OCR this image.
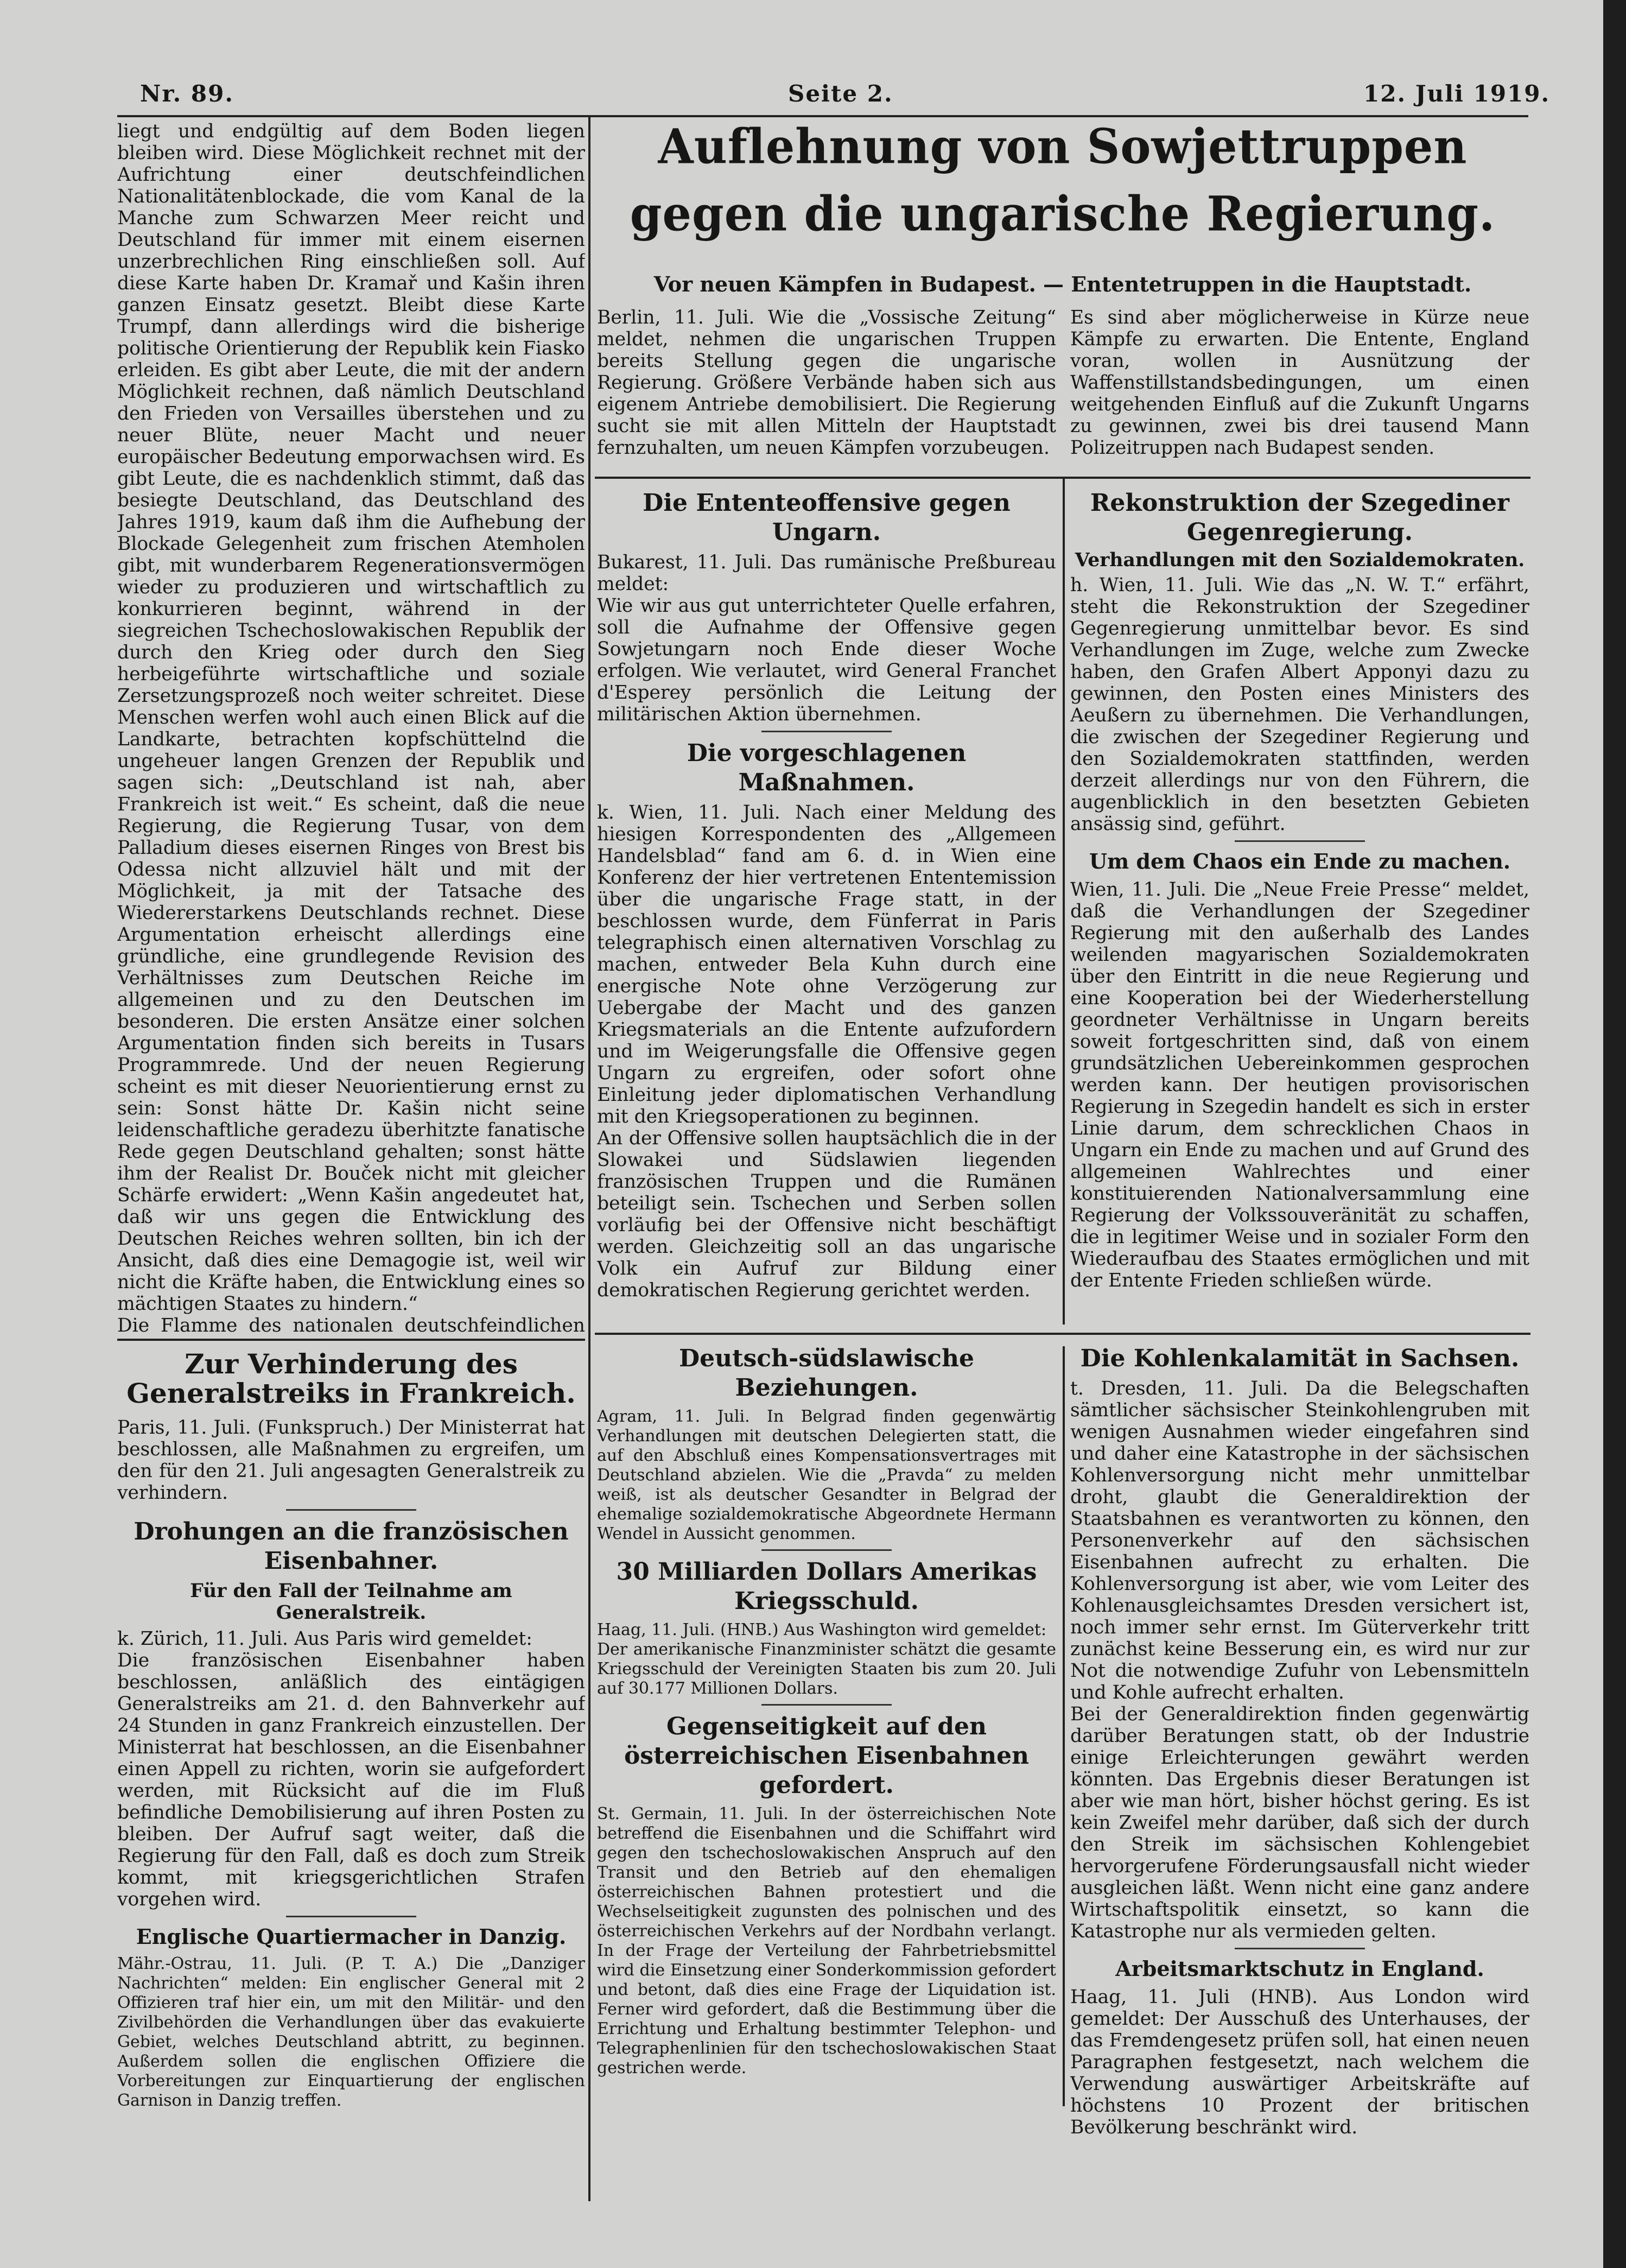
Nr. 89.	Seite 2.	12. Juli 1919.

liegt und endgültig auf dem Boden liegen bleiben wird. Diese Möglichkeit rechnet mit der Aufrichtung einer deutschfeindlichen Nationalitätenblockade, die vom Kanal de la Manche zum Schwarzen Meer reicht und Deutschland für immer mit einem eisernen unzerbrechlichen Ring einschließen soll. Auf diese Karte haben Dr. Kramař und Kašin ihren ganzen Einsatz gesetzt. Bleibt diese Karte Trumpf, dann allerdings wird die bisherige politische Orientierung der Republik kein Fiasko erleiden. Es gibt aber Leute, die mit der andern Möglichkeit rechnen, daß nämlich Deutschland den Frieden von Versailles überstehen und zu neuer Blüte, neuer Macht und neuer europäischer Bedeutung emporwachsen wird. Es gibt Leute, die es nachdenklich stimmt, daß das besiegte Deutschland, das Deutschland des Jahres 1919, kaum daß ihm die Aufhebung der Blockade Gelegenheit zum frischen Atemholen gibt, mit wunderbarem Regenerationsvermögen wieder zu produzieren und wirtschaftlich zu konkurrieren beginnt, während in der siegreichen Tschechoslowakischen Republik der durch den Krieg oder durch den Sieg herbeigeführte wirtschaftliche und soziale Zersetzungsprozeß noch weiter schreitet. Diese Menschen werfen wohl auch einen Blick auf die Landkarte, betrachten kopfschüttelnd die ungeheuer langen Grenzen der Republik und sagen sich: „Deutschland ist nah, aber Frankreich ist weit.“ Es scheint, daß die neue Regierung, die Regierung Tusar, von dem Palladium dieses eisernen Ringes von Brest bis Odessa nicht allzuviel hält und mit der Möglichkeit, ja mit der Tatsache des Wiedererstarkens Deutschlands rechnet. Diese Argumentation erheischt allerdings eine gründliche, eine grundlegende Revision des Verhältnisses zum Deutschen Reiche im allgemeinen und zu den Deutschen im besonderen. Die ersten Ansätze einer solchen Argumentation finden sich bereits in Tusars Programmrede. Und der neuen Regierung scheint es mit dieser Neuorientierung ernst zu sein: Sonst hätte Dr. Kašin nicht seine leidenschaftliche geradezu überhitzte fanatische Rede gegen Deutschland gehalten; sonst hätte ihm der Realist Dr. Bouček nicht mit gleicher Schärfe erwidert: „Wenn Kašin angedeutet hat, daß wir uns gegen die Entwicklung des Deutschen Reiches wehren sollten, bin ich der Ansicht, daß dies eine Demagogie ist, weil wir nicht die Kräfte haben, die Entwicklung eines so mächtigen Staates zu hindern.“
Die Flamme des nationalen deutschfeindlichen

Zur Verhinderung des Generalstreiks in Frankreich.

Paris, 11. Juli. (Funkspruch.) Der Ministerrat hat beschlossen, alle Maßnahmen zu ergreifen, um den für den 21. Juli angesagten Generalstreik zu verhindern.

Drohungen an die französischen Eisenbahner.

Für den Fall der Teilnahme am Generalstreik.

k. Zürich, 11. Juli. Aus Paris wird gemeldet:
Die französischen Eisenbahner haben beschlossen, anläßlich des eintägigen Generalstreiks am 21. d. den Bahnverkehr auf 24 Stunden in ganz Frankreich einzustellen. Der Ministerrat hat beschlossen, an die Eisenbahner einen Appell zu richten, worin sie aufgefordert werden, mit Rücksicht auf die im Fluß befindliche Demobilisierung auf ihren Posten zu bleiben. Der Aufruf sagt weiter, daß die Regierung für den Fall, daß es doch zum Streik kommt, mit kriegsgerichtlichen Strafen vorgehen wird.

Englische Quartiermacher in Danzig.

Mähr.-Ostrau, 11. Juli. (P. T. A.) Die „Danziger Nachrichten“ melden: Ein englischer General mit 2 Offizieren traf hier ein, um mit den Militär- und den Zivilbehörden die Verhandlungen über das evakuierte Gebiet, welches Deutschland abtritt, zu beginnen. Außerdem sollen die englischen Offiziere die Vorbereitungen zur Einquartierung der englischen Garnison in Danzig treffen.

Auflehnung von Sowjettruppen gegen die ungarische Regierung.
Vor neuen Kämpfen in Budapest. — Ententetruppen in die Hauptstadt.

Berlin, 11. Juli. Wie die „Vossische Zeitung“ meldet, nehmen die ungarischen Truppen bereits Stellung gegen die ungarische Regierung. Größere Verbände haben sich aus eigenem Antriebe demobilisiert. Die Regierung sucht sie mit allen Mitteln der Hauptstadt fernzuhalten, um neuen Kämpfen vorzubeugen.

Es sind aber möglicherweise in Kürze neue Kämpfe zu erwarten. Die Entente, England voran, wollen in Ausnützung der Waffenstillstandsbedingungen, um einen weitgehenden Einfluß auf die Zukunft Ungarns zu gewinnen, zwei bis drei tausend Mann Polizeitruppen nach Budapest senden.

Die Ententeoffensive gegen Ungarn.

Bukarest, 11. Juli. Das rumänische Preßbureau meldet:
Wie wir aus gut unterrichteter Quelle erfahren, soll die Aufnahme der Offensive gegen Sowjetungarn noch Ende dieser Woche erfolgen. Wie verlautet, wird General Franchet d'Esperey persönlich die Leitung der militärischen Aktion übernehmen.

Die vorgeschlagenen Maßnahmen.

k. Wien, 11. Juli. Nach einer Meldung des hiesigen Korrespondenten des „Allgemeen Handelsblad“ fand am 6. d. in Wien eine Konferenz der hier vertretenen Ententemission über die ungarische Frage statt, in der beschlossen wurde, dem Fünferrat in Paris telegraphisch einen alternativen Vorschlag zu machen, entweder Bela Kuhn durch eine energische Note ohne Verzögerung zur Uebergabe der Macht und des ganzen Kriegsmaterials an die Entente aufzufordern und im Weigerungsfalle die Offensive gegen Ungarn zu ergreifen, oder sofort ohne Einleitung jeder diplomatischen Verhandlung mit den Kriegsoperationen zu beginnen.
An der Offensive sollen hauptsächlich die in der Slowakei und Südslawien liegenden französischen Truppen und die Rumänen beteiligt sein. Tschechen und Serben sollen vorläufig bei der Offensive nicht beschäftigt werden. Gleichzeitig soll an das ungarische Volk ein Aufruf zur Bildung einer demokratischen Regierung gerichtet werden.

Rekonstruktion der Szegediner Gegenregierung.

Verhandlungen mit den Sozialdemokraten.

h. Wien, 11. Juli. Wie das „N. W. T.“ erfährt, steht die Rekonstruktion der Szegediner Gegenregierung unmittelbar bevor. Es sind Verhandlungen im Zuge, welche zum Zwecke haben, den Grafen Albert Apponyi dazu zu gewinnen, den Posten eines Ministers des Aeußern zu übernehmen. Die Verhandlungen, die zwischen der Szegediner Regierung und den Sozialdemokraten stattfinden, werden derzeit allerdings nur von den Führern, die augenblicklich in den besetzten Gebieten ansässig sind, geführt.

Um dem Chaos ein Ende zu machen.

Wien, 11. Juli. Die „Neue Freie Presse“ meldet, daß die Verhandlungen der Szegediner Regierung mit den außerhalb des Landes weilenden magyarischen Sozialdemokraten über den Eintritt in die neue Regierung und eine Kooperation bei der Wiederherstellung geordneter Verhältnisse in Ungarn bereits soweit fortgeschritten sind, daß von einem grundsätzlichen Uebereinkommen gesprochen werden kann. Der heutigen provisorischen Regierung in Szegedin handelt es sich in erster Linie darum, dem schrecklichen Chaos in Ungarn ein Ende zu machen und auf Grund des allgemeinen Wahlrechtes und einer konstituierenden Nationalversammlung eine Regierung der Volkssouveränität zu schaffen, die in legitimer Weise und in sozialer Form den Wiederaufbau des Staates ermöglichen und mit der Entente Frieden schließen würde.

Deutsch-südslawische Beziehungen.

Agram, 11. Juli. In Belgrad finden gegenwärtig Verhandlungen mit deutschen Delegierten statt, die auf den Abschluß eines Kompensationsvertrages mit Deutschland abzielen. Wie die „Pravda“ zu melden weiß, ist als deutscher Gesandter in Belgrad der ehemalige sozialdemokratische Abgeordnete Hermann Wendel in Aussicht genommen.

30 Milliarden Dollars Amerikas Kriegsschuld.

Haag, 11. Juli. (HNB.) Aus Washington wird gemeldet:
Der amerikanische Finanzminister schätzt die gesamte Kriegsschuld der Vereinigten Staaten bis zum 20. Juli auf 30.177 Millionen Dollars.

Gegenseitigkeit auf den österreichischen Eisenbahnen gefordert.

St. Germain, 11. Juli. In der österreichischen Note betreffend die Eisenbahnen und die Schiffahrt wird gegen den tschechoslowakischen Anspruch auf den Transit und den Betrieb auf den ehemaligen österreichischen Bahnen protestiert und die Wechselseitigkeit zugunsten des polnischen und des österreichischen Verkehrs auf der Nordbahn verlangt. In der Frage der Verteilung der Fahrbetriebsmittel wird die Einsetzung einer Sonderkommission gefordert und betont, daß dies eine Frage der Liquidation ist. Ferner wird gefordert, daß die Bestimmung über die Errichtung und Erhaltung bestimmter Telephon- und Telegraphenlinien für den tschechoslowakischen Staat gestrichen werde.

Die Kohlenkalamität in Sachsen.

t. Dresden, 11. Juli. Da die Belegschaften sämtlicher sächsischer Steinkohlengruben mit wenigen Ausnahmen wieder eingefahren sind und daher eine Katastrophe in der sächsischen Kohlenversorgung nicht mehr unmittelbar droht, glaubt die Generaldirektion der Staatsbahnen es verantworten zu können, den Personenverkehr auf den sächsischen Eisenbahnen aufrecht zu erhalten. Die Kohlenversorgung ist aber, wie vom Leiter des Kohlenausgleichsamtes Dresden versichert ist, noch immer sehr ernst. Im Güterverkehr tritt zunächst keine Besserung ein, es wird nur zur Not die notwendige Zufuhr von Lebensmitteln und Kohle aufrecht erhalten.
Bei der Generaldirektion finden gegenwärtig darüber Beratungen statt, ob der Industrie einige Erleichterungen gewährt werden könnten. Das Ergebnis dieser Beratungen ist aber wie man hört, bisher höchst gering. Es ist kein Zweifel mehr darüber, daß sich der durch den Streik im sächsischen Kohlengebiet hervorgerufene Förderungsausfall nicht wieder ausgleichen läßt. Wenn nicht eine ganz andere Wirtschaftspolitik einsetzt, so kann die Katastrophe nur als vermieden gelten.

Arbeitsmarktschutz in England.

Haag, 11. Juli (HNB). Aus London wird gemeldet: Der Ausschuß des Unterhauses, der das Fremdengesetz prüfen soll, hat einen neuen Paragraphen festgesetzt, nach welchem die Verwendung auswärtiger Arbeitskräfte auf höchstens 10 Prozent der britischen Bevölkerung beschränkt wird.
